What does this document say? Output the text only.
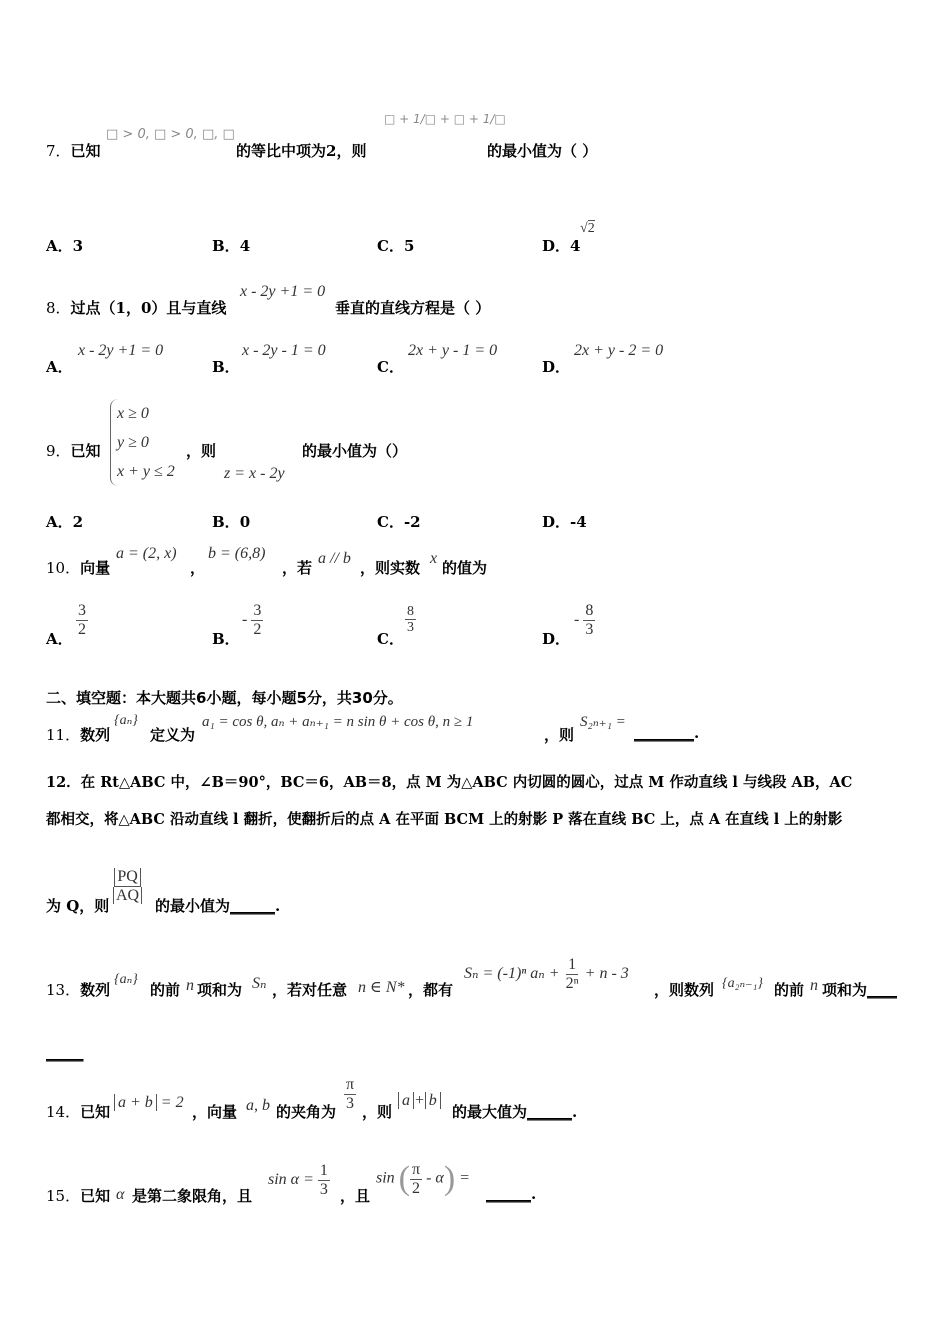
7．已知
□ > 0, □ > 0, □, □
的等比中项为2，则
□ + 1/□ + □ + 1/□
的最小值为（ ）
A．3	B．4	C．5	D．4
√2
8．过点（1，0）且与直线
x - 2y +1 = 0
垂直的直线方程是（ ）
A．
x - 2y +1 = 0
B．
x - 2y - 1 = 0
C．
2x + y - 1 = 0
D．
2x + y - 2 = 0
9．已知
x ≥ 0
y ≥ 0
x + y ≤ 2
，则
z = x - 2y
的最小值为（）
A．2	B．0	C．-2	D．-4
10．向量
a = (2, x)
，
b = (6,8)
，若
a // b
，则实数
x
的值为
A．
$\frac{3}{2}$
B．
- $\frac{3}{2}$
C．
$\frac{8}{3}$
D．
- $\frac{8}{3}$
二、填空题：本大题共6小题，每小题5分，共30分。
11．数列
{aₙ}
定义为
a₁ = cos θ, aₙ + aₙ₊₁ = n sin θ + cos θ, n ≥ 1
，则
S₂ₙ₊₁ =
________.
12．在 Rt△ABC 中，∠B＝90°，BC＝6，AB＝8，点 M 为△ABC 内切圆的圆心，过点 M 作动直线 l 与线段 AB，AC
都相交，将△ABC 沿动直线 l 翻折，使翻折后的点 A 在平面 BCM 上的射影 P 落在直线 BC 上，点 A 在直线 l 上的射影
为 Q，则
$\frac{PQ}{AQ}$
的最小值为______.
13．数列
{aₙ}
的前 n 项和为 Sₙ ，若对任意 n ∈ N* ，都有
Sₙ = (-1)ⁿ $a_n + \frac{1}{\text{2ⁿ}} + n - 3$
，则数列 {a₂ₙ₋₁} 的前 n 项和为____
_____
14．已知
a + b = 2
，向量 a, b 的夹角为 $\frac{\pi}{3}$ ，则
a + b
的最大值为______.
15．已知 α 是第二象限角，且
$\sin \alpha = \frac{1}{3}$ ，且
sin ( $\frac{\pi}{2} - \alpha$) =
______.
